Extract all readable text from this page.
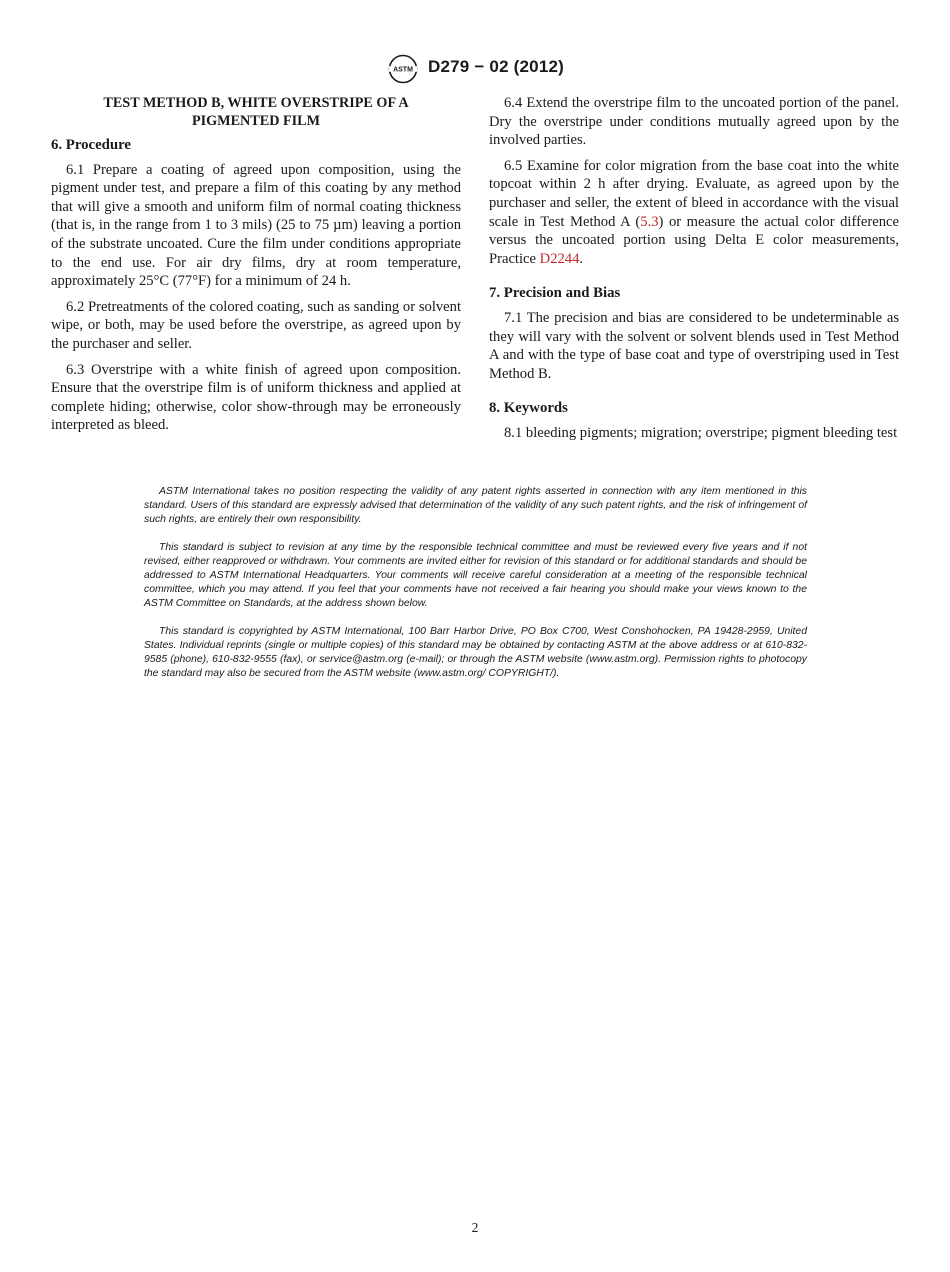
ASTM D279 − 02 (2012)
TEST METHOD B, WHITE OVERSTRIPE OF A
PIGMENTED FILM
6. Procedure

6.1 Prepare a coating of agreed upon composition, using the pigment under test, and prepare a film of this coating by any method that will give a smooth and uniform film of normal coating thickness (that is, in the range from 1 to 3 mils) (25 to 75 µm) leaving a portion of the substrate uncoated. Cure the film under conditions appropriate to the end use. For air dry films, dry at room temperature, approximately 25°C (77°F) for a minimum of 24 h.

6.2 Pretreatments of the colored coating, such as sanding or solvent wipe, or both, may be used before the overstripe, as agreed upon by the purchaser and seller.

6.3 Overstripe with a white finish of agreed upon composition. Ensure that the overstripe film is of uniform thickness and applied at complete hiding; otherwise, color show-through may be erroneously interpreted as bleed.

6.4 Extend the overstripe film to the uncoated portion of the panel. Dry the overstripe under conditions mutually agreed upon by the involved parties.

6.5 Examine for color migration from the base coat into the white topcoat within 2 h after drying. Evaluate, as agreed upon by the purchaser and seller, the extent of bleed in accordance with the visual scale in Test Method A (5.3) or measure the actual color difference versus the uncoated portion using Delta E color measurements, Practice D2244.

7. Precision and Bias

7.1 The precision and bias are considered to be undeterminable as they will vary with the solvent or solvent blends used in Test Method A and with the type of base coat and type of overstriping used in Test Method B.

8. Keywords

8.1 bleeding pigments; migration; overstripe; pigment bleeding test

ASTM International takes no position respecting the validity of any patent rights asserted in connection with any item mentioned in this standard. Users of this standard are expressly advised that determination of the validity of any such patent rights, and the risk of infringement of such rights, are entirely their own responsibility.

This standard is subject to revision at any time by the responsible technical committee and must be reviewed every five years and if not revised, either reapproved or withdrawn. Your comments are invited either for revision of this standard or for additional standards and should be addressed to ASTM International Headquarters. Your comments will receive careful consideration at a meeting of the responsible technical committee, which you may attend. If you feel that your comments have not received a fair hearing you should make your views known to the ASTM Committee on Standards, at the address shown below.

This standard is copyrighted by ASTM International, 100 Barr Harbor Drive, PO Box C700, West Conshohocken, PA 19428-2959, United States. Individual reprints (single or multiple copies) of this standard may be obtained by contacting ASTM at the above address or at 610-832-9585 (phone), 610-832-9555 (fax), or service@astm.org (e-mail); or through the ASTM website (www.astm.org). Permission rights to photocopy the standard may also be secured from the ASTM website (www.astm.org/ COPYRIGHT/).

2
